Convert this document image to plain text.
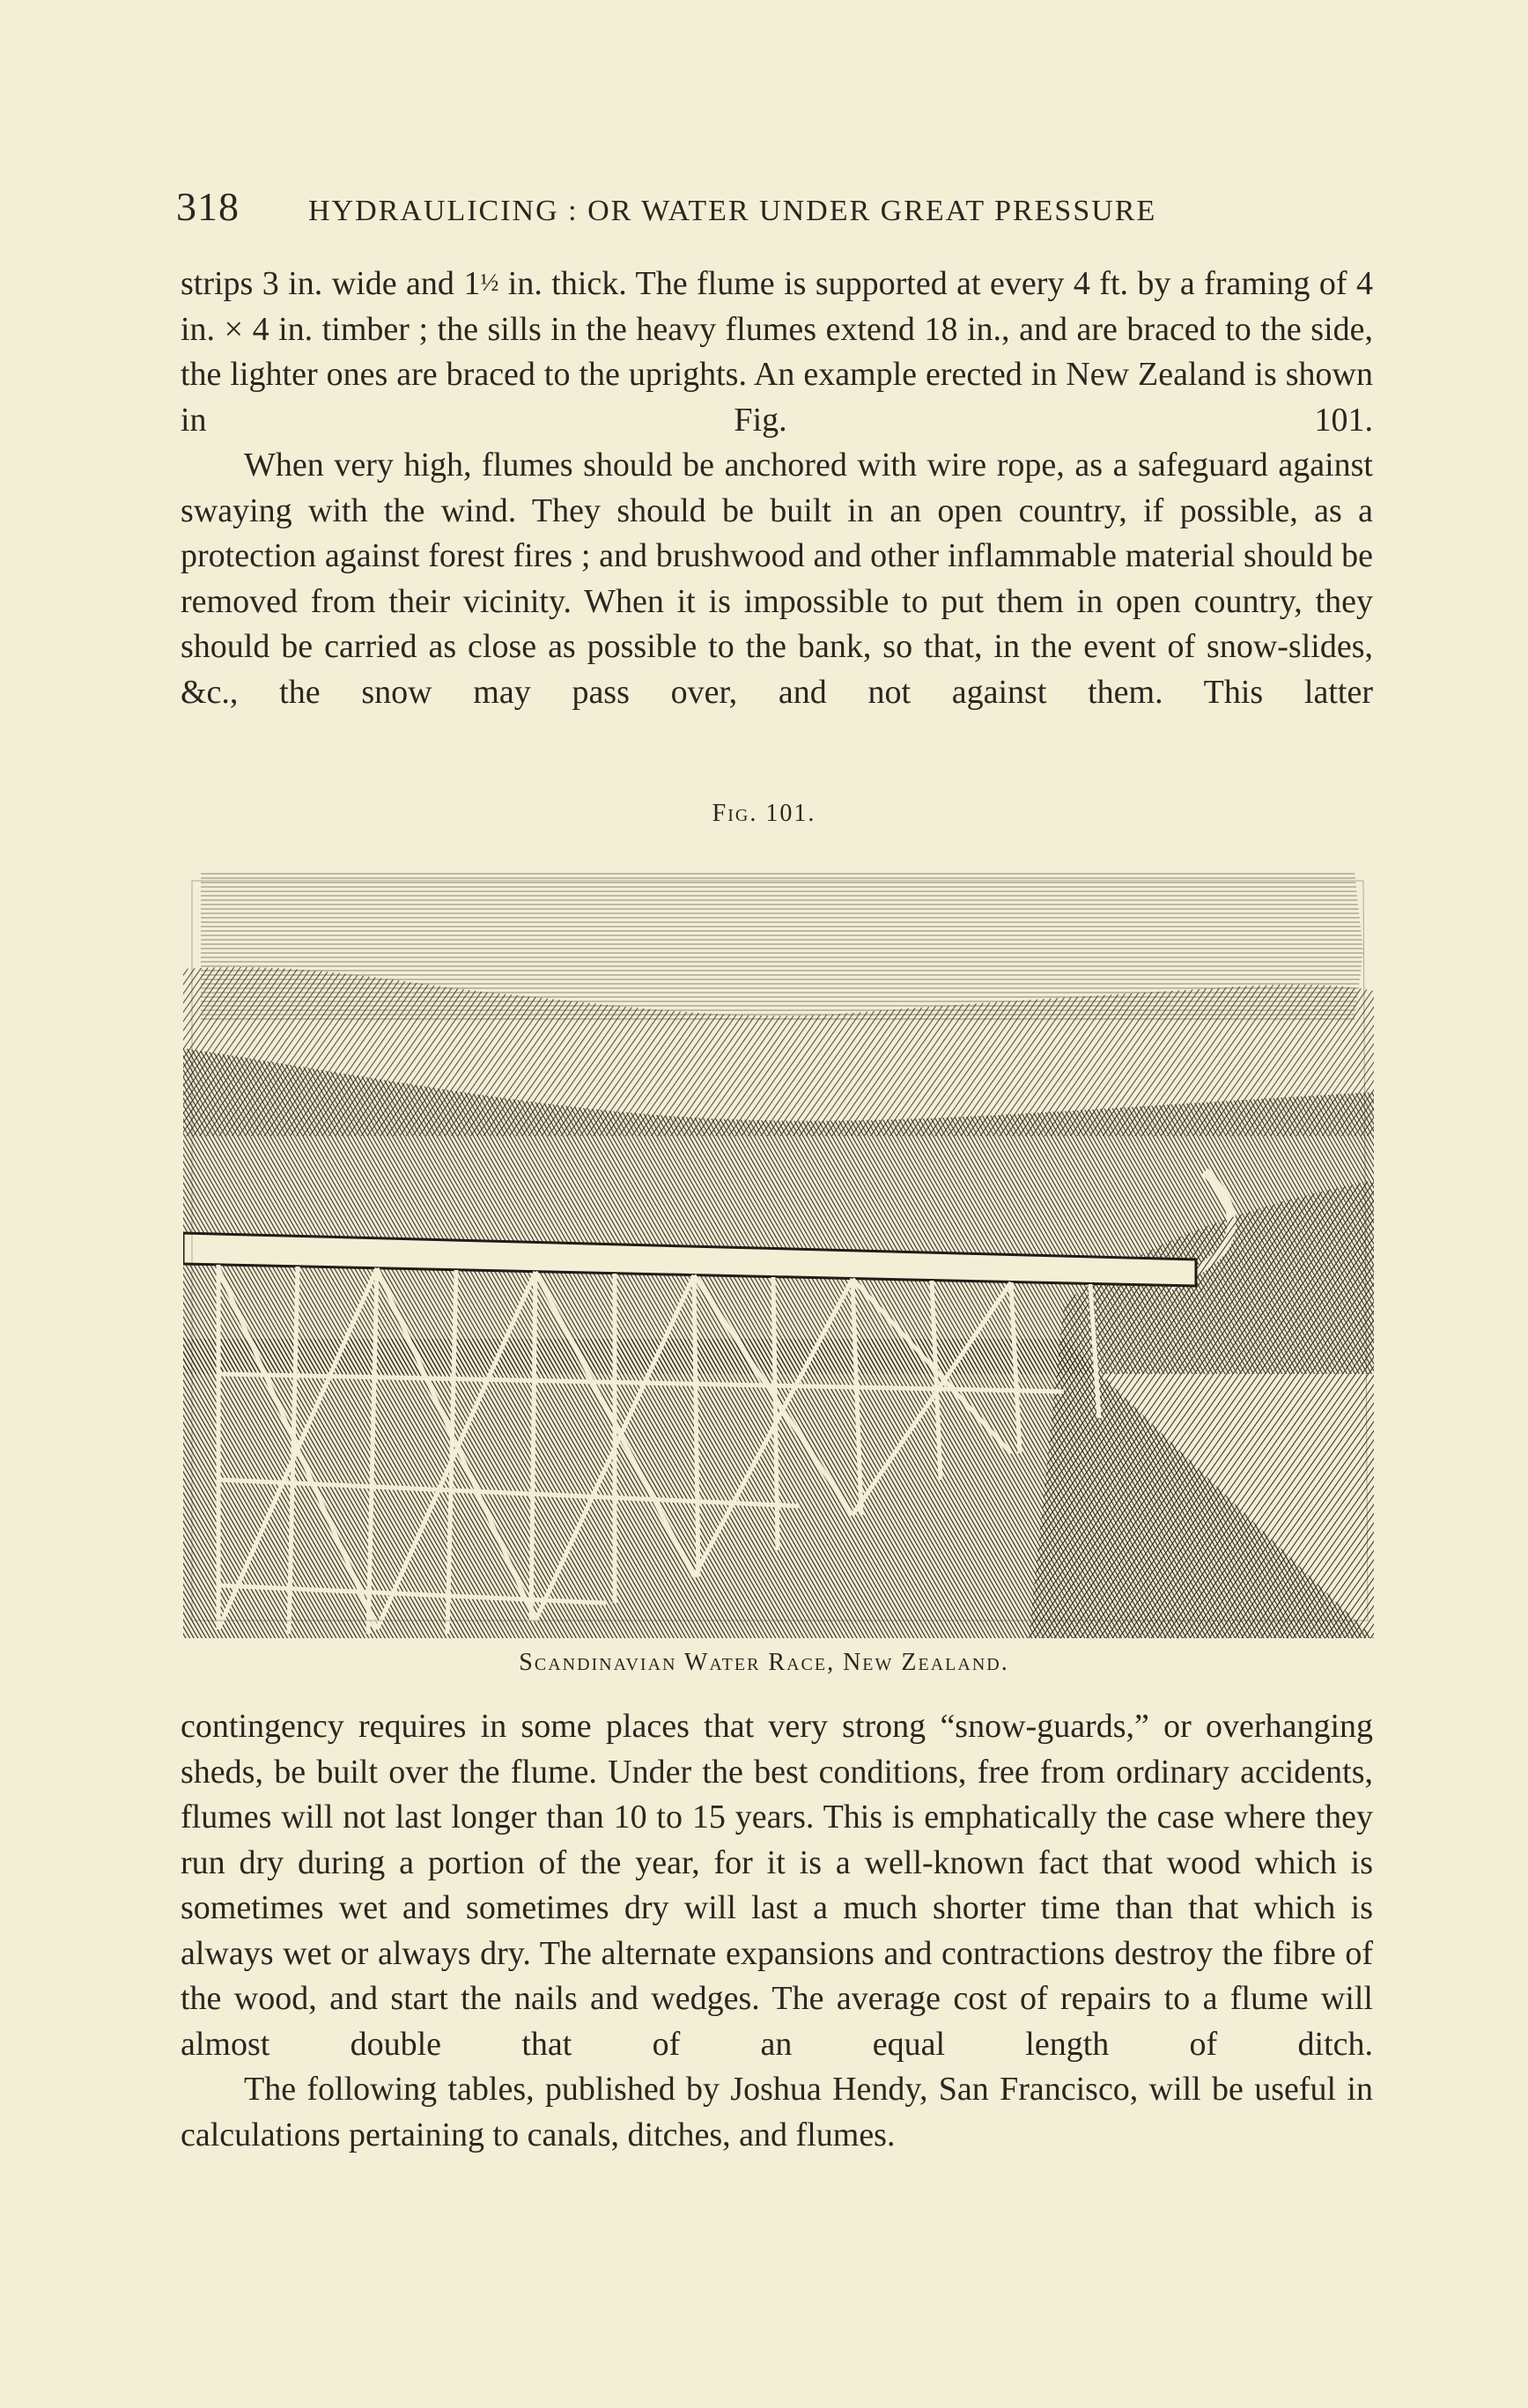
318	HYDRAULICING : OR WATER UNDER GREAT PRESSURE

strips 3 in. wide and 1½ in. thick. The flume is supported at every 4 ft. by a framing of 4 in. × 4 in. timber ; the sills in the heavy flumes extend 18 in., and are braced to the side, the lighter ones are braced to the uprights. An example erected in New Zealand is shown in Fig. 101.

When very high, flumes should be anchored with wire rope, as a safeguard against swaying with the wind. They should be built in an open country, if possible, as a protection against forest fires ; and brushwood and other inflammable material should be removed from their vicinity. When it is impossible to put them in open country, they should be carried as close as possible to the bank, so that, in the event of snow-slides, &c., the snow may pass over, and not against them. This latter

Fig. 101.
Scandinavian Water Race, New Zealand.

contingency requires in some places that very strong “snow-guards,” or overhanging sheds, be built over the flume. Under the best conditions, free from ordinary accidents, flumes will not last longer than 10 to 15 years. This is emphatically the case where they run dry during a portion of the year, for it is a well-known fact that wood which is sometimes wet and sometimes dry will last a much shorter time than that which is always wet or always dry. The alternate expansions and contractions destroy the fibre of the wood, and start the nails and wedges. The average cost of repairs to a flume will almost double that of an equal length of ditch.

The following tables, published by Joshua Hendy, San Francisco, will be useful in calculations pertaining to canals, ditches, and flumes.
